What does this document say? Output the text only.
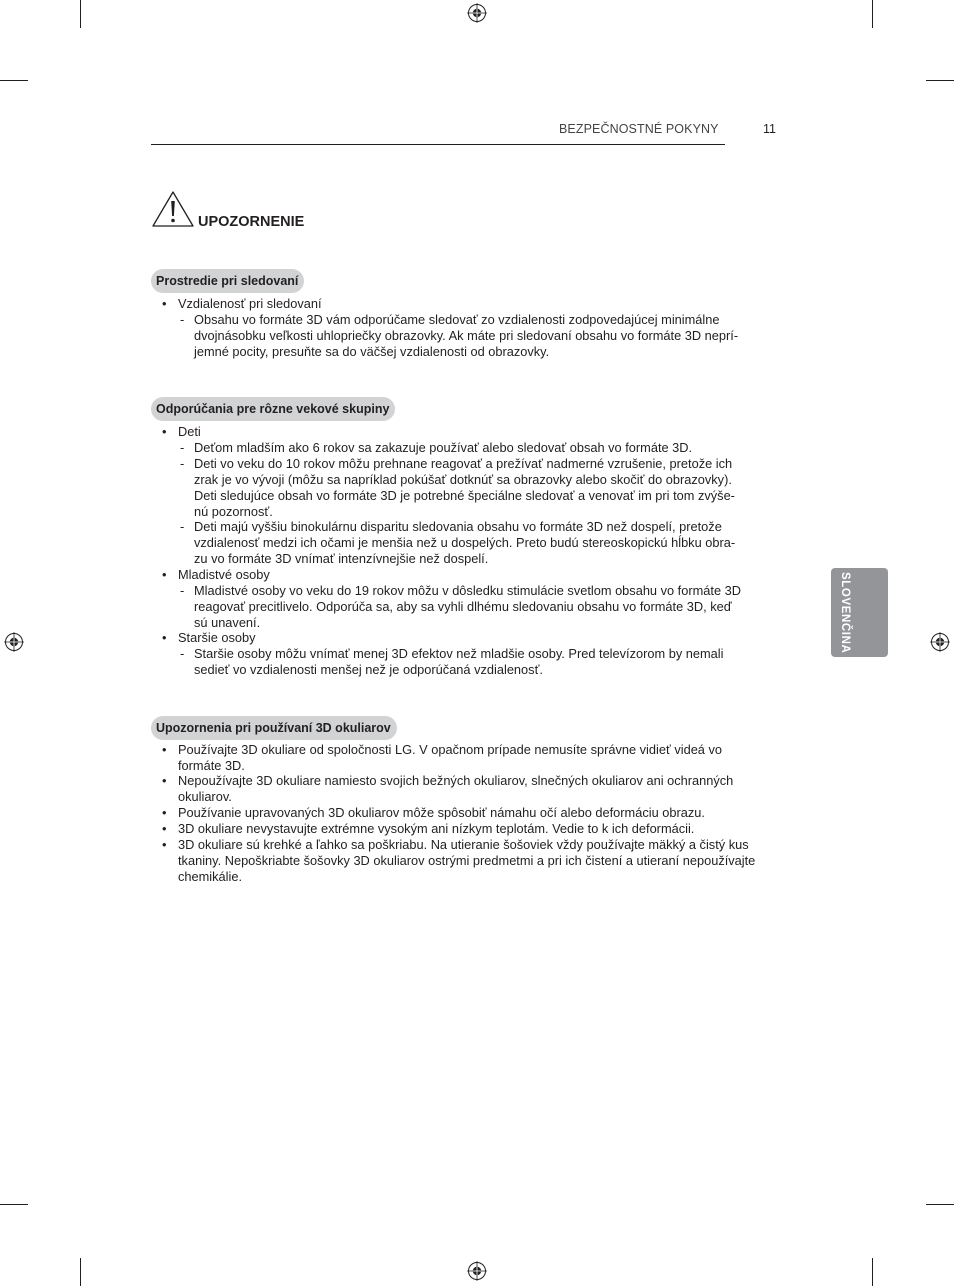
BEZPEČNOSTNÉ POKYNY	11
UPOZORNENIE
SLOVENČINA
Prostredie pri sledovaní
• Vzdialenosť pri sledovaní
- Obsahu vo formáte 3D vám odporúčame sledovať zo vzdialenosti zodpovedajúcej minimálne
dvojnásobku veľkosti uhlopriečky obrazovky. Ak máte pri sledovaní obsahu vo formáte 3D neprí-
jemné pocity, presuňte sa do väčšej vzdialenosti od obrazovky.
Odporúčania pre rôzne vekové skupiny
• Deti
- Deťom mladším ako 6 rokov sa zakazuje používať alebo sledovať obsah vo formáte 3D.
- Deti vo veku do 10 rokov môžu prehnane reagovať a prežívať nadmerné vzrušenie, pretože ich
zrak je vo vývoji (môžu sa napríklad pokúšať dotknúť sa obrazovky alebo skočiť do obrazovky).
Deti sledujúce obsah vo formáte 3D je potrebné špeciálne sledovať a venovať im pri tom zvýše-
nú pozornosť.
- Deti majú vyššiu binokulárnu disparitu sledovania obsahu vo formáte 3D než dospelí, pretože
vzdialenosť medzi ich očami je menšia než u dospelých. Preto budú stereoskopickú hĺbku obra-
zu vo formáte 3D vnímať intenzívnejšie než dospelí.
• Mladistvé osoby
- Mladistvé osoby vo veku do 19 rokov môžu v dôsledku stimulácie svetlom obsahu vo formáte 3D
reagovať precitlivelo. Odporúča sa, aby sa vyhli dlhému sledovaniu obsahu vo formáte 3D, keď
sú unavení.
• Staršie osoby
- Staršie osoby môžu vnímať menej 3D efektov než mladšie osoby. Pred televízorom by nemali
sedieť vo vzdialenosti menšej než je odporúčaná vzdialenosť.
Upozornenia pri používaní 3D okuliarov
• Používajte 3D okuliare od spoločnosti LG. V opačnom prípade nemusíte správne vidieť videá vo
formáte 3D.
• Nepoužívajte 3D okuliare namiesto svojich bežných okuliarov, slnečných okuliarov ani ochranných
okuliarov.
• Používanie upravovaných 3D okuliarov môže spôsobiť námahu očí alebo deformáciu obrazu.
• 3D okuliare nevystavujte extrémne vysokým ani nízkym teplotám. Vedie to k ich deformácii.
• 3D okuliare sú krehké a ľahko sa poškriabu. Na utieranie šošoviek vždy používajte mäkký a čistý kus
tkaniny. Nepoškriabte šošovky 3D okuliarov ostrými predmetmi a pri ich čistení a utieraní nepoužívajte
chemikálie.
